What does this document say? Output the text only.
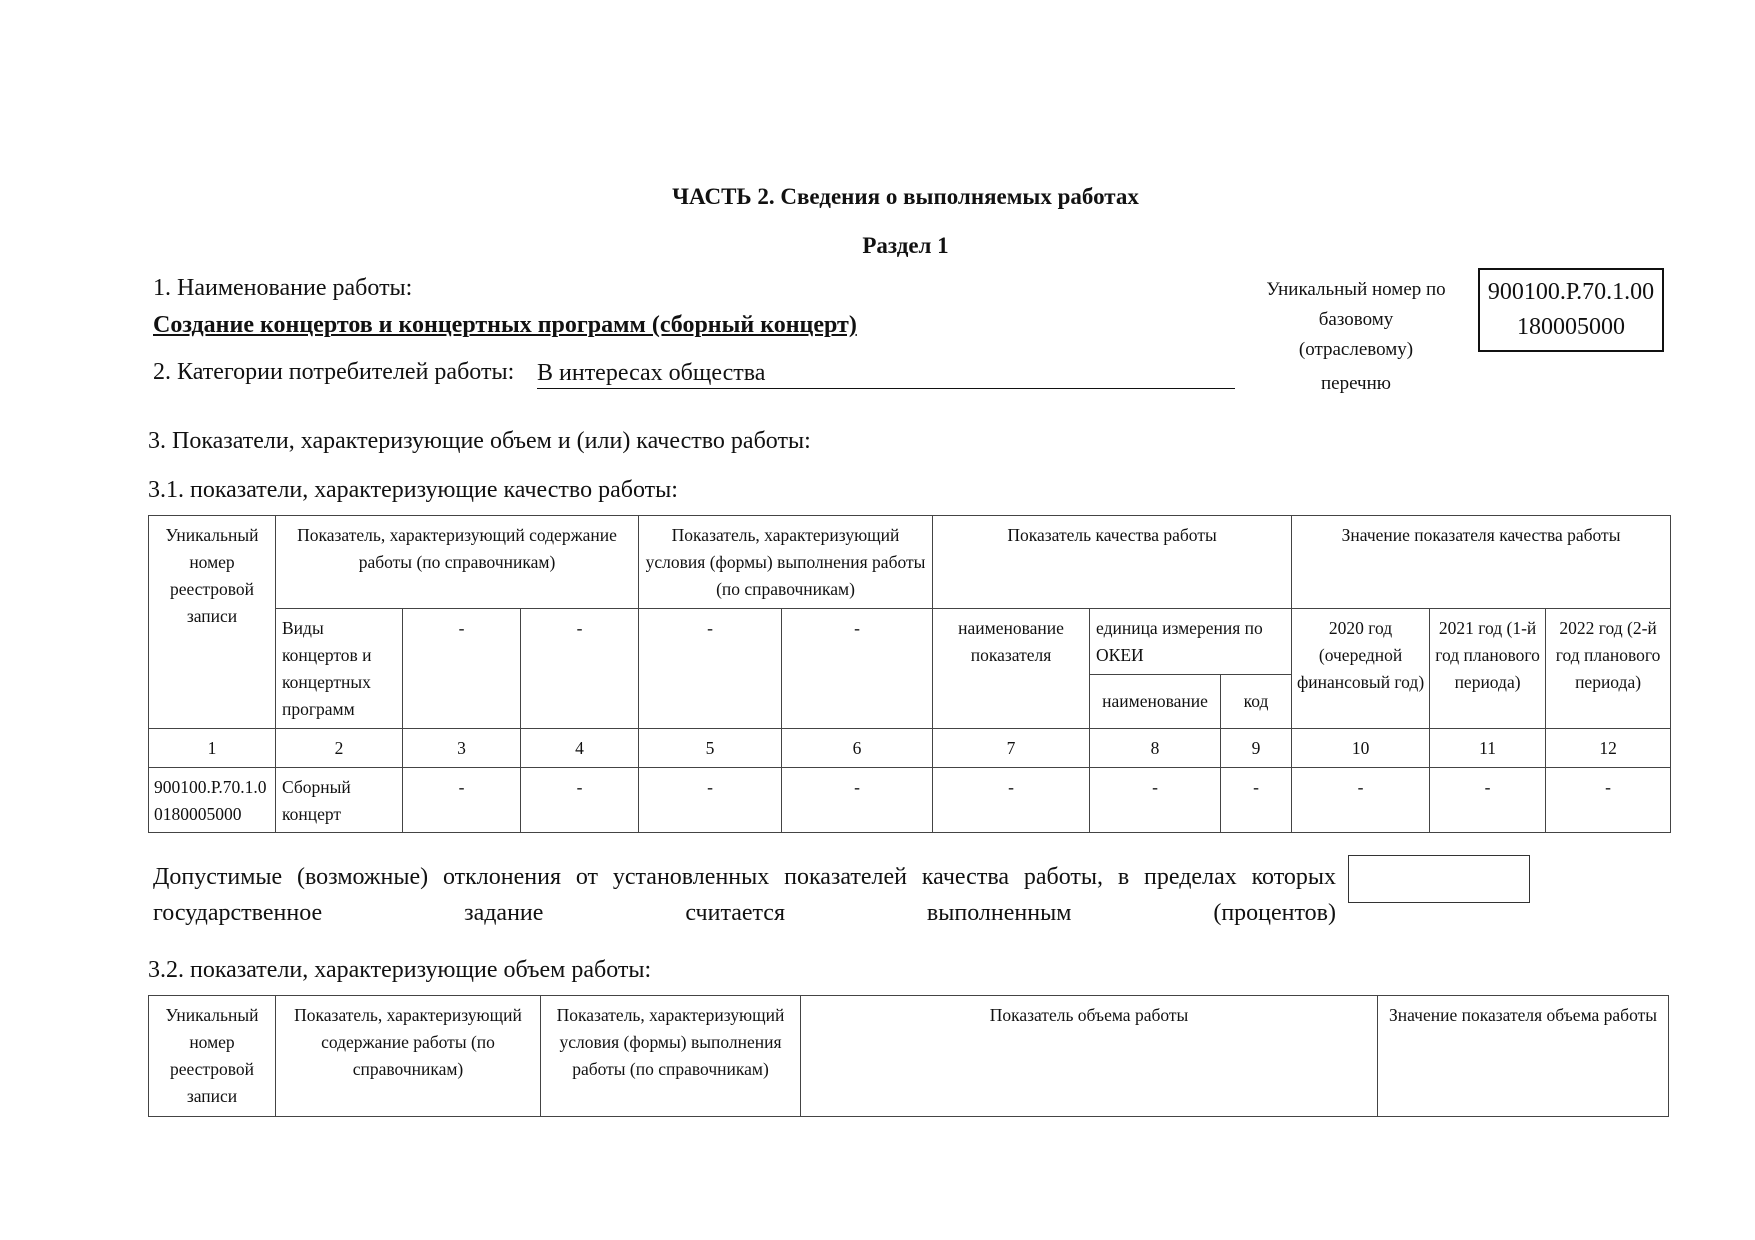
ЧАСТЬ 2. Сведения о выполняемых работах
Раздел 1
1. Наименование работы:
Создание концертов и концертных программ (сборный концерт)
2. Категории потребителей работы: В интересах общества
Уникальный номер по
базовому
(отраслевому)
перечню
900100.Р.70.1.00
180005000
3. Показатели, характеризующие объем и (или) качество работы:
3.1. показатели, характеризующие качество работы:
Уникальный номер реестровой записи	Показатель, характеризующий содержание работы (по справочникам)			Показатель, характеризующий условия (формы) выполнения работы (по справочникам)		Показатель качества работы			Значение показателя качества работы		
	Виды концертов и концертных программ	-	-	-	-	наименование показателя	единица измерения по ОКЕИ		2020 год (очередной финансовый год)	2021 год (1-й год планового периода)	2022 год (2-й год планового периода)
							наименование	код			
1	2	3	4	5	6	7	8	9	10	11	12
900100.Р.70.1.00180005000	Сборный концерт	-	-	-	-	-	-	-	-	-	-
Допустимые (возможные) отклонения от установленных показателей качества работы, в пределах которых государственное задание считается выполненным (процентов)
3.2. показатели, характеризующие объем работы:
Уникальный номер реестровой записи	Показатель, характеризующий содержание работы (по справочникам)	Показатель, характеризующий условия (формы) выполнения работы (по справочникам)	Показатель объема работы	Значение показателя объема работы
